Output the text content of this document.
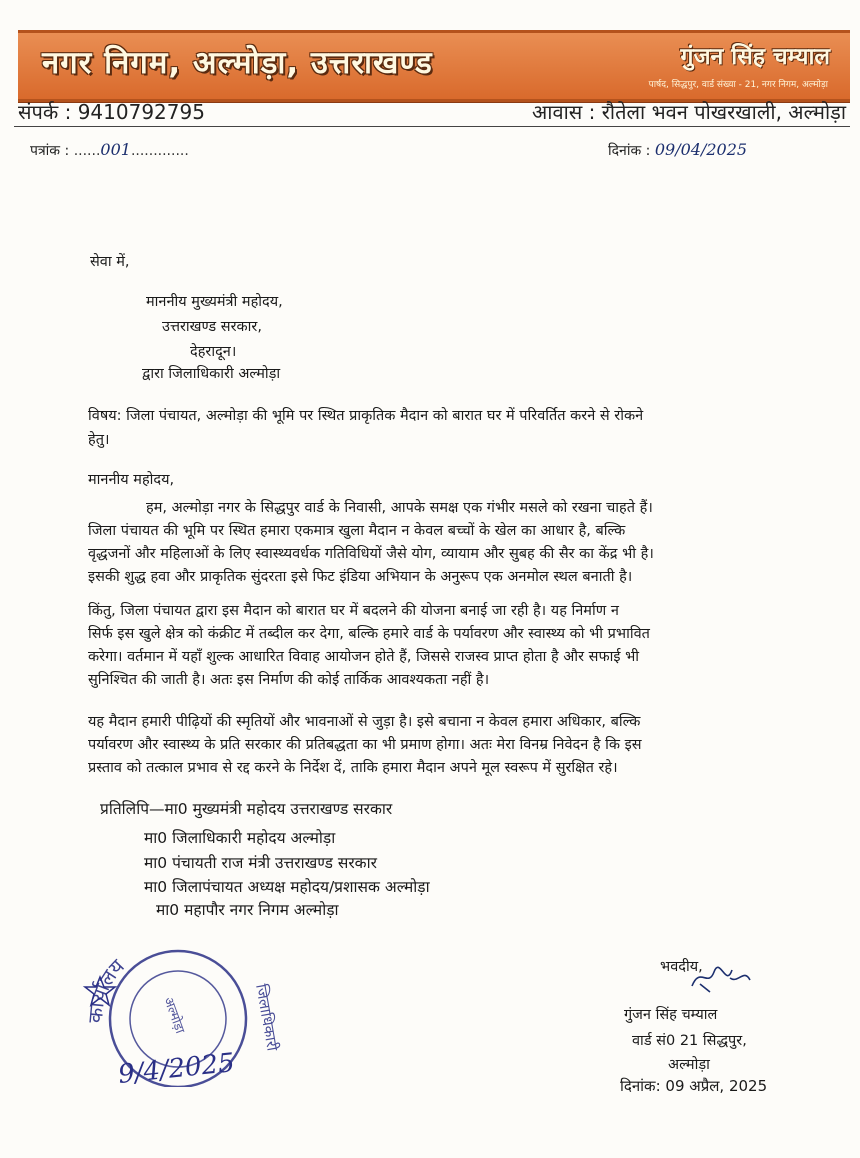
नगर निगम, अल्मोड़ा, उत्तराखण्ड	गुंजन सिंह चम्याल
पार्षद, सिद्धपुर, वार्ड संख्या - 21, नगर निगम, अल्मोड़ा
संपर्क : 9410792795	आवास : रौतेला भवन पोखरखाली, अल्मोड़ा
पत्रांक : ......001.............	दिनांक : 09/04/2025
सेवा में,
माननीय मुख्यमंत्री महोदय,
उत्तराखण्ड सरकार,
देहरादून।
द्वारा जिलाधिकारी अल्मोड़ा
विषय: जिला पंचायत, अल्मोड़ा की भूमि पर स्थित प्राकृतिक मैदान को बारात घर में परिवर्तित करने से रोकने
हेतु।
माननीय महोदय,
हम, अल्मोड़ा नगर के सिद्धपुर वार्ड के निवासी, आपके समक्ष एक गंभीर मसले को रखना चाहते हैं।
जिला पंचायत की भूमि पर स्थित हमारा एकमात्र खुला मैदान न केवल बच्चों के खेल का आधार है, बल्कि
वृद्धजनों और महिलाओं के लिए स्वास्थ्यवर्धक गतिविधियों जैसे योग, व्यायाम और सुबह की सैर का केंद्र भी है।
इसकी शुद्ध हवा और प्राकृतिक सुंदरता इसे फिट इंडिया अभियान के अनुरूप एक अनमोल स्थल बनाती है।
किंतु, जिला पंचायत द्वारा इस मैदान को बारात घर में बदलने की योजना बनाई जा रही है। यह निर्माण न
सिर्फ इस खुले क्षेत्र को कंक्रीट में तब्दील कर देगा, बल्कि हमारे वार्ड के पर्यावरण और स्वास्थ्य को भी प्रभावित
करेगा। वर्तमान में यहाँ शुल्क आधारित विवाह आयोजन होते हैं, जिससे राजस्व प्राप्त होता है और सफाई भी
सुनिश्चित की जाती है। अतः इस निर्माण की कोई तार्किक आवश्यकता नहीं है।
यह मैदान हमारी पीढ़ियों की स्मृतियों और भावनाओं से जुड़ा है। इसे बचाना न केवल हमारा अधिकार, बल्कि
पर्यावरण और स्वास्थ्य के प्रति सरकार की प्रतिबद्धता का भी प्रमाण होगा। अतः मेरा विनम्र निवेदन है कि इस
प्रस्ताव को तत्काल प्रभाव से रद्द करने के निर्देश दें, ताकि हमारा मैदान अपने मूल स्वरूप में सुरक्षित रहे।
प्रतिलिपि—मा0 मुख्यमंत्री महोदय उत्तराखण्ड सरकार
मा0 जिलाधिकारी महोदय अल्मोड़ा
मा0 पंचायती राज मंत्री उत्तराखण्ड सरकार
मा0 जिलापंचायत अध्यक्ष महोदय/प्रशासक अल्मोड़ा
मा0 महापौर नगर निगम अल्मोड़ा
कार्यालय
जिलाधिकारी
अल्मोड़ा
9/4/2025
भवदीय,
गुंजन सिंह चम्याल
वार्ड सं0 21 सिद्धपुर,
अल्मोड़ा
दिनांक: 09 अप्रैल, 2025
